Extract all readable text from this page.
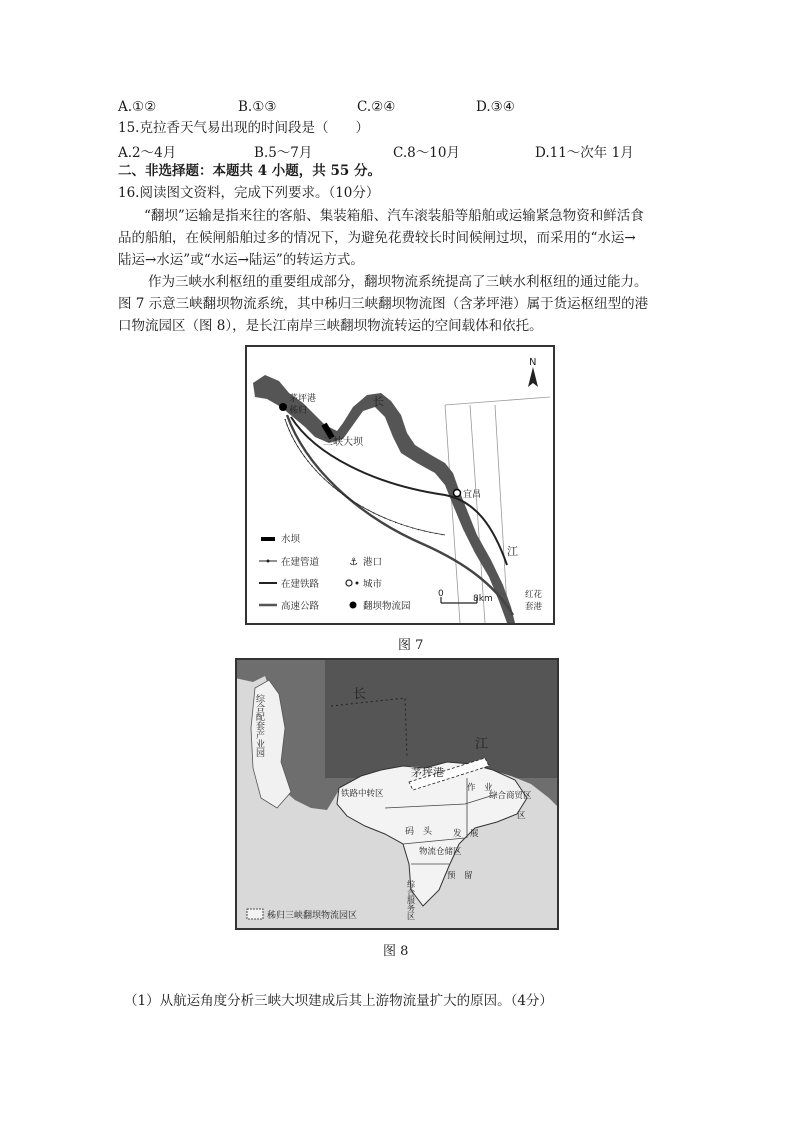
A.①②	B.①③	C.②④	D.③④
15.克拉香天气易出现的时间段是（　　）
A.2～4月	B.5～7月	C.8～10月	D.11～次年 1月
二、非选择题：本题共 4 小题，共 55 分。
16.阅读图文资料，完成下列要求。（10分）
“翻坝”运输是指来往的客船、集装箱船、汽车滚装船等船舶或运输紧急物资和鲜活食
品的船舶，在候闸船舶过多的情况下，为避免花费较长时间候闸过坝，而采用的“水运→
陆运→水运”或“水运→陆运”的转运方式。
作为三峡水利枢纽的重要组成部分，翻坝物流系统提高了三峡水利枢纽的通过能力。
图 7 示意三峡翻坝物流系统，其中秭归三峡翻坝物流图（含茅坪港）属于货运枢纽型的港
口物流园区（图 8），是长江南岸三峡翻坝物流转运的空间载体和依托。
N
茅坪港
秭归
三峡大坝
长
江
宜昌
红花
套港
0	8km
水坝
在建管道	⚓ 港口
在建铁路	城市
高速公路	翻坝物流园
图 7
长
江
茅坪港
综合配套产业园
铁路中转区
码　头
作　业
综合商贸区
物流仓储区
发　展
区
预　留
综合服务区
秭归三峡翻坝物流园区
图 8
（1）从航运角度分析三峡大坝建成后其上游物流量扩大的原因。（4分）
